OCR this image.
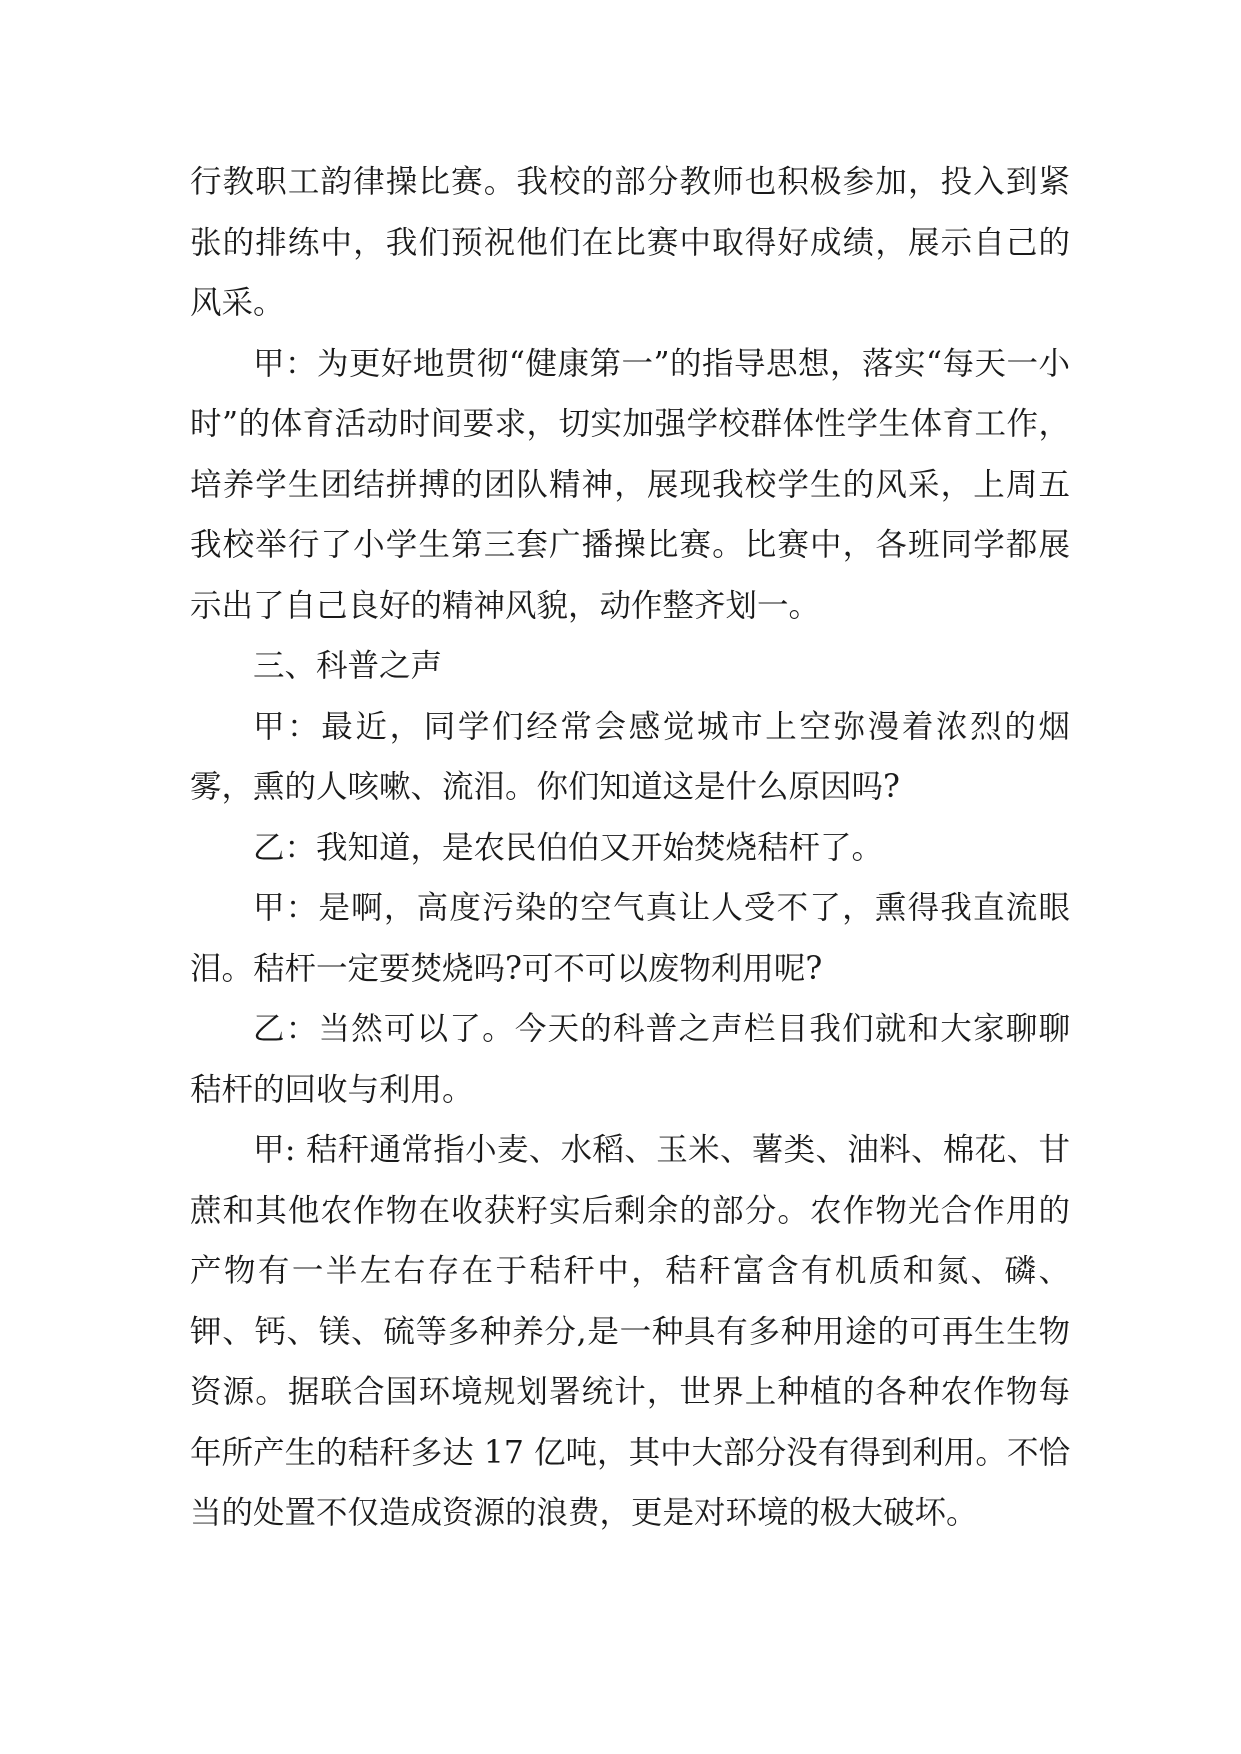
行教职工韵律操比赛。我校的部分教师也积极参加，投入到紧张的排练中，我们预祝他们在比赛中取得好成绩，展示自己的风采。

甲：为更好地贯彻“健康第一”的指导思想，落实“每天一小时”的体育活动时间要求，切实加强学校群体性学生体育工作，培养学生团结拼搏的团队精神，展现我校学生的风采，上周五我校举行了小学生第三套广播操比赛。比赛中，各班同学都展示出了自己良好的精神风貌，动作整齐划一。

三、科普之声

甲：最近，同学们经常会感觉城市上空弥漫着浓烈的烟雾，熏的人咳嗽、流泪。你们知道这是什么原因吗?

乙：我知道，是农民伯伯又开始焚烧秸杆了。

甲：是啊，高度污染的空气真让人受不了，熏得我直流眼泪。秸杆一定要焚烧吗?可不可以废物利用呢?

乙：当然可以了。今天的科普之声栏目我们就和大家聊聊秸杆的回收与利用。

甲: 秸秆通常指小麦、水稻、玉米、薯类、油料、棉花、甘蔗和其他农作物在收获籽实后剩余的部分。农作物光合作用的产物有一半左右存在于秸秆中，秸秆富含有机质和氮、磷、钾、钙、镁、硫等多种养分,是一种具有多种用途的可再生生物资源。据联合国环境规划署统计，世界上种植的各种农作物每年所产生的秸秆多达 17 亿吨，其中大部分没有得到利用。不恰当的处置不仅造成资源的浪费，更是对环境的极大破坏。
